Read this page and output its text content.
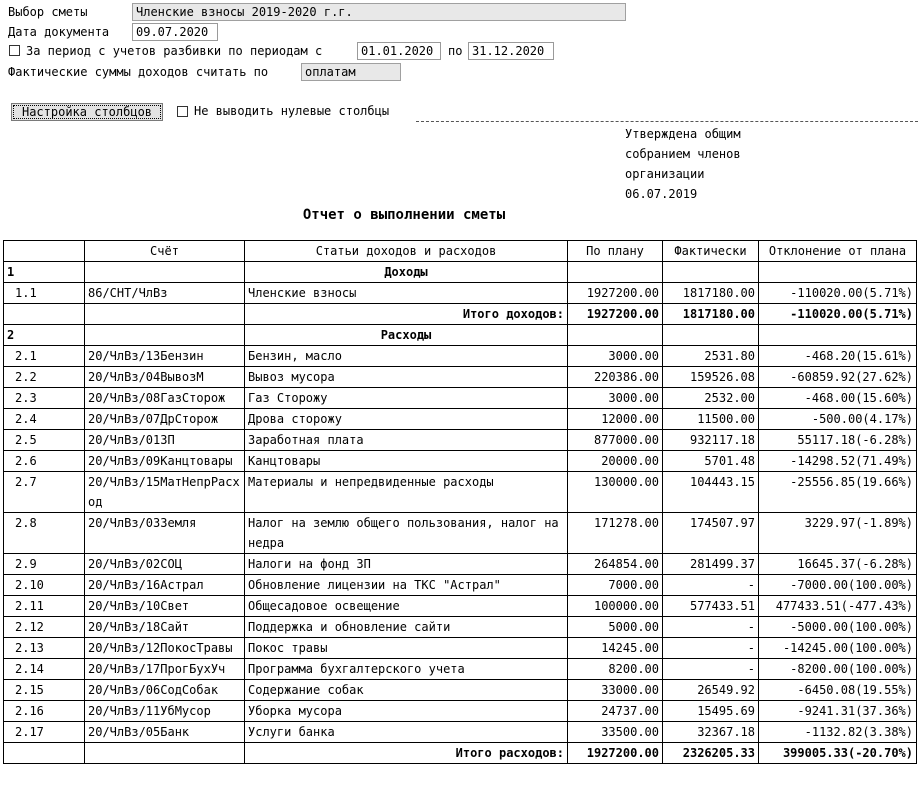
Выбор сметы	Членские взносы 2019-2020 г.г.
Дата документа	09.07.2020
За период с учетов разбивки по периодам с	01.01.2020	по 31.12.2020
Фактические суммы доходов считать по	оплатам
Настройка столбцов	Не выводить нулевые столбцы
Утверждена общим
собранием членов
организации
06.07.2019
Отчет о выполнении сметы
	Счёт	Статьи доходов и расходов	По плану	Фактически	Отклонение от плана
1		Доходы			
1.1	86/СНТ/ЧлВз	Членские взносы	1927200.00	1817180.00	-110020.00(5.71%)
		Итого доходов:	1927200.00	1817180.00	-110020.00(5.71%)
2		Расходы			
2.1	20/ЧлВз/13Бензин	Бензин, масло	3000.00	2531.80	-468.20(15.61%)
2.2	20/ЧлВз/04ВывозМ	Вывоз мусора	220386.00	159526.08	-60859.92(27.62%)
2.3	20/ЧлВз/08ГазСторож	Газ Сторожу	3000.00	2532.00	-468.00(15.60%)
2.4	20/ЧлВз/07ДрСторож	Дрова сторожу	12000.00	11500.00	-500.00(4.17%)
2.5	20/ЧлВз/01ЗП	Заработная плата	877000.00	932117.18	55117.18(-6.28%)
2.6	20/ЧлВз/09Канцтовары	Канцтовары	20000.00	5701.48	-14298.52(71.49%)
2.7	20/ЧлВз/15МатНепрРасход	Материалы и непредвиденные расходы	130000.00	104443.15	-25556.85(19.66%)
2.8	20/ЧлВз/03Земля	Налог на землю общего пользования, налог на недра	171278.00	174507.97	3229.97(-1.89%)
2.9	20/ЧлВз/02СОЦ	Налоги на фонд ЗП	264854.00	281499.37	16645.37(-6.28%)
2.10	20/ЧлВз/16Астрал	Обновление лицензии на ТКС "Астрал"	7000.00	-	-7000.00(100.00%)
2.11	20/ЧлВз/10Свет	Общесадовое освещение	100000.00	577433.51	477433.51(-477.43%)
2.12	20/ЧлВз/18Сайт	Поддержка и обновление сайти	5000.00	-	-5000.00(100.00%)
2.13	20/ЧлВз/12ПокосТравы	Покос травы	14245.00	-	-14245.00(100.00%)
2.14	20/ЧлВз/17ПрогБухУч	Программа бухгалтерского учета	8200.00	-	-8200.00(100.00%)
2.15	20/ЧлВз/06СодСобак	Содержание собак	33000.00	26549.92	-6450.08(19.55%)
2.16	20/ЧлВз/11УбМусор	Уборка мусора	24737.00	15495.69	-9241.31(37.36%)
2.17	20/ЧлВз/05Банк	Услуги банка	33500.00	32367.18	-1132.82(3.38%)
		Итого расходов:	1927200.00	2326205.33	399005.33(-20.70%)
